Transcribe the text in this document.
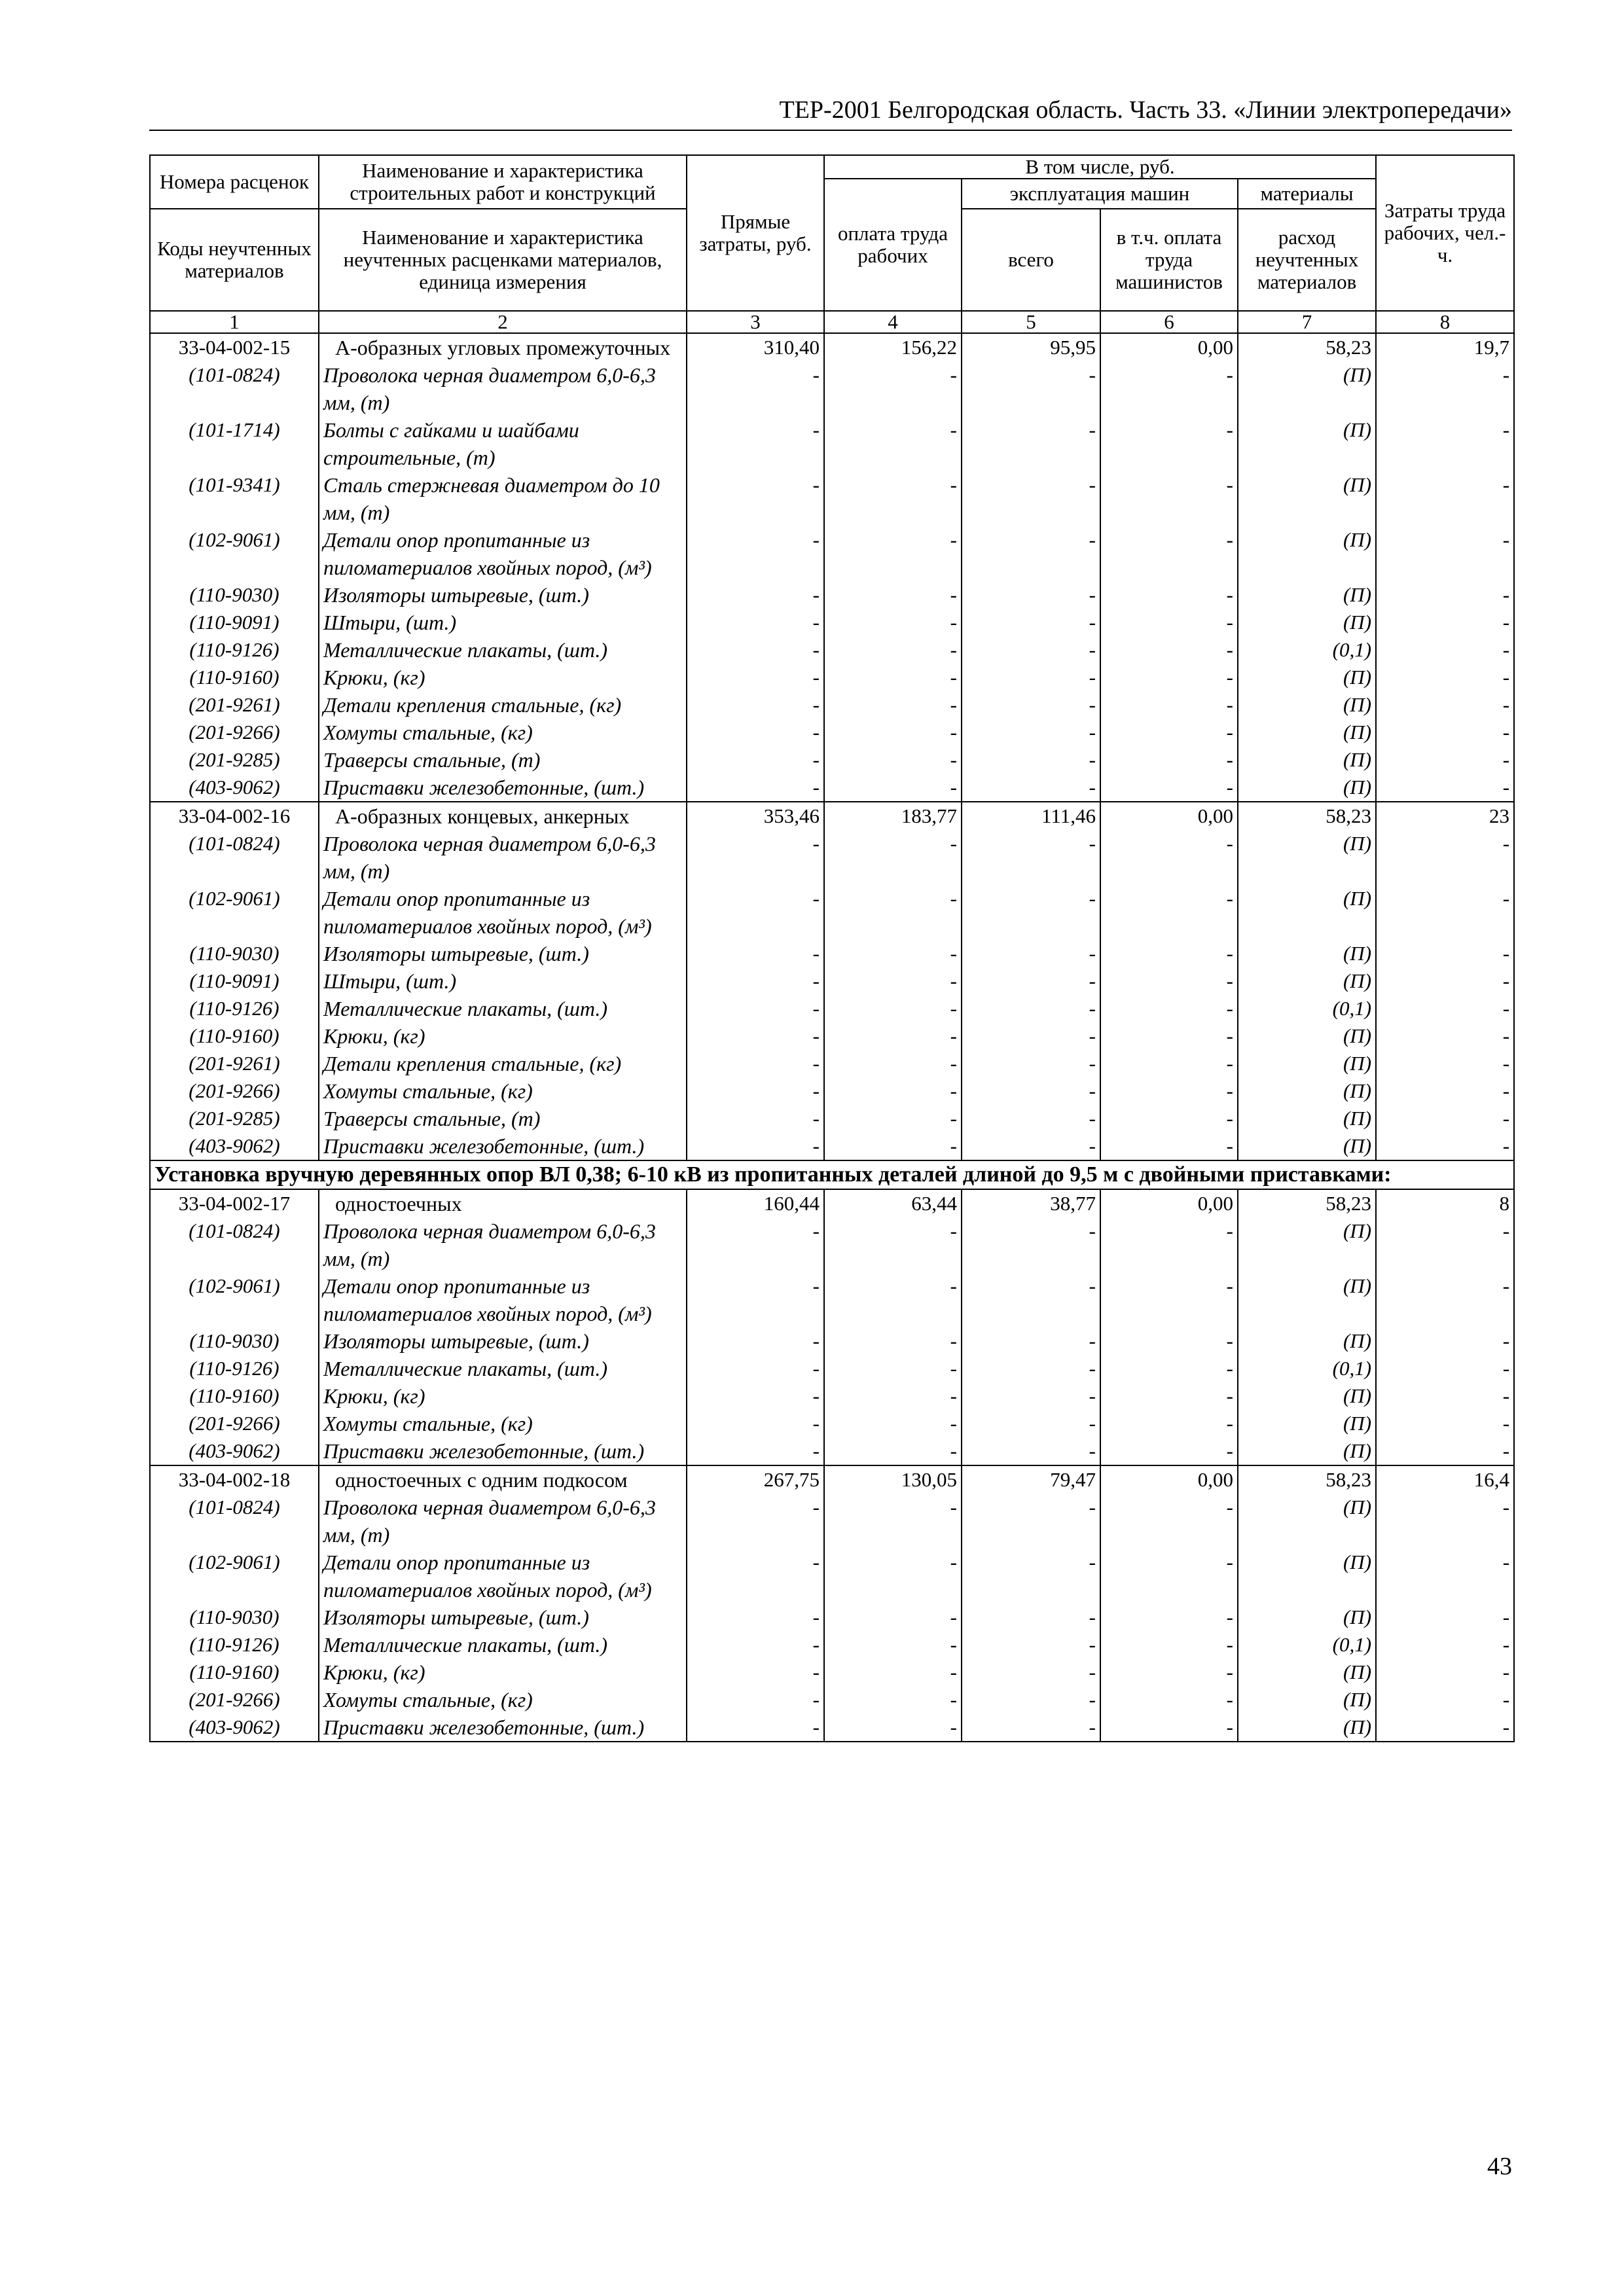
ТЕР-2001 Белгородская область. Часть 33. «Линии электропередачи»
Номера расценок	Наименование и характеристика строительных работ и конструкций	Прямые затраты, руб.	В том числе, руб.				Затраты труда рабочих, чел.-ч.
			оплата труда рабочих	эксплуатация машин		материалы	
Коды неучтенных материалов	Наименование и характеристика неучтенных расценками материалов, единица измерения			всего	в т.ч. оплата труда машинистов	расход неучтенных материалов	

1	2	3	4	5	6	7	8
33-04-002-15	А-образных угловых промежуточных	310,40	156,22	95,95	0,00	58,23	19,7
(101-0824)	Проволока черная диаметром 6,0-6,3 мм, (т)	-	-	-	-	(П)	-
(101-1714)	Болты с гайками и шайбами строительные, (т)	-	-	-	-	(П)	-
(101-9341)	Сталь стержневая диаметром до 10 мм, (т)	-	-	-	-	(П)	-
(102-9061)	Детали опор пропитанные из пиломатериалов хвойных пород, (м³)	-	-	-	-	(П)	-
(110-9030)	Изоляторы штыревые, (шт.)	-	-	-	-	(П)	-
(110-9091)	Штыри, (шт.)	-	-	-	-	(П)	-
(110-9126)	Металлические плакаты, (шт.)	-	-	-	-	(0,1)	-
(110-9160)	Крюки, (кг)	-	-	-	-	(П)	-
(201-9261)	Детали крепления стальные, (кг)	-	-	-	-	(П)	-
(201-9266)	Хомуты стальные, (кг)	-	-	-	-	(П)	-
(201-9285)	Траверсы стальные, (т)	-	-	-	-	(П)	-
(403-9062)	Приставки железобетонные, (шт.)	-	-	-	-	(П)	-
33-04-002-16	А-образных концевых, анкерных	353,46	183,77	111,46	0,00	58,23	23
(101-0824)	Проволока черная диаметром 6,0-6,3 мм, (т)	-	-	-	-	(П)	-
(102-9061)	Детали опор пропитанные из пиломатериалов хвойных пород, (м³)	-	-	-	-	(П)	-
(110-9030)	Изоляторы штыревые, (шт.)	-	-	-	-	(П)	-
(110-9091)	Штыри, (шт.)	-	-	-	-	(П)	-
(110-9126)	Металлические плакаты, (шт.)	-	-	-	-	(0,1)	-
(110-9160)	Крюки, (кг)	-	-	-	-	(П)	-
(201-9261)	Детали крепления стальные, (кг)	-	-	-	-	(П)	-
(201-9266)	Хомуты стальные, (кг)	-	-	-	-	(П)	-
(201-9285)	Траверсы стальные, (т)	-	-	-	-	(П)	-
(403-9062)	Приставки железобетонные, (шт.)	-	-	-	-	(П)	-
Установка вручную деревянных опор ВЛ 0,38; 6-10 кВ из пропитанных деталей длиной до 9,5 м с двойными приставками:							
33-04-002-17	одностоечных	160,44	63,44	38,77	0,00	58,23	8
(101-0824)	Проволока черная диаметром 6,0-6,3 мм, (т)	-	-	-	-	(П)	-
(102-9061)	Детали опор пропитанные из пиломатериалов хвойных пород, (м³)	-	-	-	-	(П)	-
(110-9030)	Изоляторы штыревые, (шт.)	-	-	-	-	(П)	-
(110-9126)	Металлические плакаты, (шт.)	-	-	-	-	(0,1)	-
(110-9160)	Крюки, (кг)	-	-	-	-	(П)	-
(201-9266)	Хомуты стальные, (кг)	-	-	-	-	(П)	-
(403-9062)	Приставки железобетонные, (шт.)	-	-	-	-	(П)	-
33-04-002-18	одностоечных с одним подкосом	267,75	130,05	79,47	0,00	58,23	16,4
(101-0824)	Проволока черная диаметром 6,0-6,3 мм, (т)	-	-	-	-	(П)	-
(102-9061)	Детали опор пропитанные из пиломатериалов хвойных пород, (м³)	-	-	-	-	(П)	-
(110-9030)	Изоляторы штыревые, (шт.)	-	-	-	-	(П)	-
(110-9126)	Металлические плакаты, (шт.)	-	-	-	-	(0,1)	-
(110-9160)	Крюки, (кг)	-	-	-	-	(П)	-
(201-9266)	Хомуты стальные, (кг)	-	-	-	-	(П)	-
(403-9062)	Приставки железобетонные, (шт.)	-	-	-	-	(П)	-
43
